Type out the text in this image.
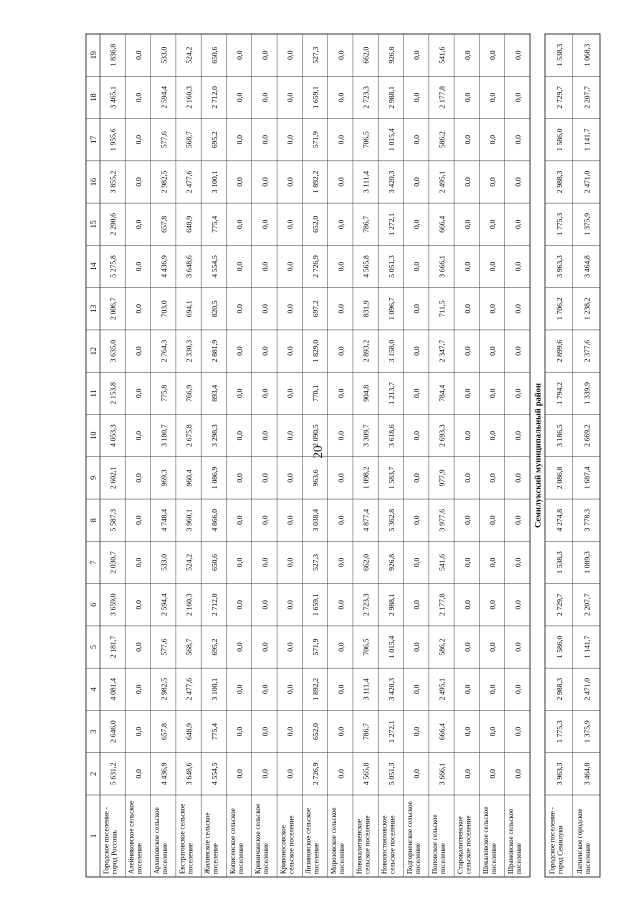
20
1
2
3
4
5
6
7
8
9
10
11
12
13
14
15
16
17
18
19
Городское поселение -город Россошь
5 631,2
2 646,0
4 081,4
2 181,7
3 659,0
2 030,7
5 587,3
2 602,1
4 053,3
2 153,8
3 635,0
2 006,7
5 275,8
2 290,6
3 855,2
1 955,6
3 465,1
1 836,8
Алейниковское сельскоепоселение
0,0
0,0
0,0
0,0
0,0
0,0
0,0
0,0
0,0
0,0
0,0
0,0
0,0
0,0
0,0
0,0
0,0
0,0
Архиповское сельскоепоселение
4 436,9
657,8
2 982,5
577,6
2 594,4
533,0
4 748,4
969,3
3 180,7
775,8
2 764,3
703,0
4 436,9
657,8
2 982,5
577,6
2 594,4
533,0
Евстратовское сельскоепоселение
3 648,6
648,9
2 477,6
568,7
2 160,3
524,2
3 960,1
960,4
2 675,8
766,9
2 330,3
694,1
3 648,6
648,9
2 477,6
568,7
2 160,3
524,2
Жилинское сельскоепоселение
4 554,5
775,4
3 100,1
695,2
2 712,0
650,6
4 866,0
1 086,9
3 298,3
893,4
2 881,9
820,5
4 554,5
775,4
3 100,1
695,2
2 712,0
650,6
Кописенское сельскоепоселение
0,0
0,0
0,0
0,0
0,0
0,0
0,0
0,0
0,0
0,0
0,0
0,0
0,0
0,0
0,0
0,0
0,0
0,0
Криничанское сельскоепоселение
0,0
0,0
0,0
0,0
0,0
0,0
0,0
0,0
0,0
0,0
0,0
0,0
0,0
0,0
0,0
0,0
0,0
0,0
Кривоносовскоесельское поселение
0,0
0,0
0,0
0,0
0,0
0,0
0,0
0,0
0,0
0,0
0,0
0,0
0,0
0,0
0,0
0,0
0,0
0,0
Лизиновское сельскоепоселение
2 726,9
652,0
1 892,2
571,9
1 659,1
527,3
3 038,4
963,6
2 090,5
770,1
1 829,0
697,2
2 726,9
652,0
1 892,2
571,9
1 659,1
527,3
Морозовское сельскоепоселение
0,0
0,0
0,0
0,0
0,0
0,0
0,0
0,0
0,0
0,0
0,0
0,0
0,0
0,0
0,0
0,0
0,0
0,0
Новокалитвенскоесельское поселение
4 565,8
786,7
3 111,4
706,5
2 723,3
662,0
4 877,4
1 098,2
3 309,7
904,8
2 893,2
831,9
4 565,8
786,7
3 111,4
706,5
2 723,3
662,0
Новопостояловскоесельское поселение
5 051,3
1 272,1
3 420,3
1 015,4
2 988,1
926,8
5 362,8
1 583,7
3 618,6
1 213,7
3 158,0
1 096,7
5 051,3
1 272,1
3 420,3
1 015,4
2 988,1
926,8
Подгорненское сельскоепоселение
0,0
0,0
0,0
0,0
0,0
0,0
0,0
0,0
0,0
0,0
0,0
0,0
0,0
0,0
0,0
0,0
0,0
0,0
Поповское сельскоепоселение
3 666,1
666,4
2 495,1
586,2
2 177,8
541,6
3 977,6
977,9
2 693,3
784,4
2 347,7
711,5
3 666,1
666,4
2 495,1
586,2
2 177,8
541,6
Старокалитвенскоесельское поселение
0,0
0,0
0,0
0,0
0,0
0,0
0,0
0,0
0,0
0,0
0,0
0,0
0,0
0,0
0,0
0,0
0,0
0,0
Шекаловское сельскоепоселение
0,0
0,0
0,0
0,0
0,0
0,0
0,0
0,0
0,0
0,0
0,0
0,0
0,0
0,0
0,0
0,0
0,0
0,0
Шрамовское сельскоепоселение
0,0
0,0
0,0
0,0
0,0
0,0
0,0
0,0
0,0
0,0
0,0
0,0
0,0
0,0
0,0
0,0
0,0
0,0
Городское поселение -город Семилуки
3 963,3
1 775,3
2 988,3
1 586,0
2 729,7
1 538,3
4 274,8
2 086,8
3 186,5
1 794,2
2 899,6
1 706,2
3 963,3
1 775,3
2 988,3
1 586,0
2 729,7
1 538,3
Латненское городскоепоселение
3 464,8
1 375,9
2 471,0
1 141,7
2 207,7
1 089,3
3 778,3
1 687,4
2 669,2
1 339,9
2 377,6
1 238,2
3 464,8
1 375,9
2 471,0
1 141,7
2 207,7
1 068,3
Семилукский муниципальный район
